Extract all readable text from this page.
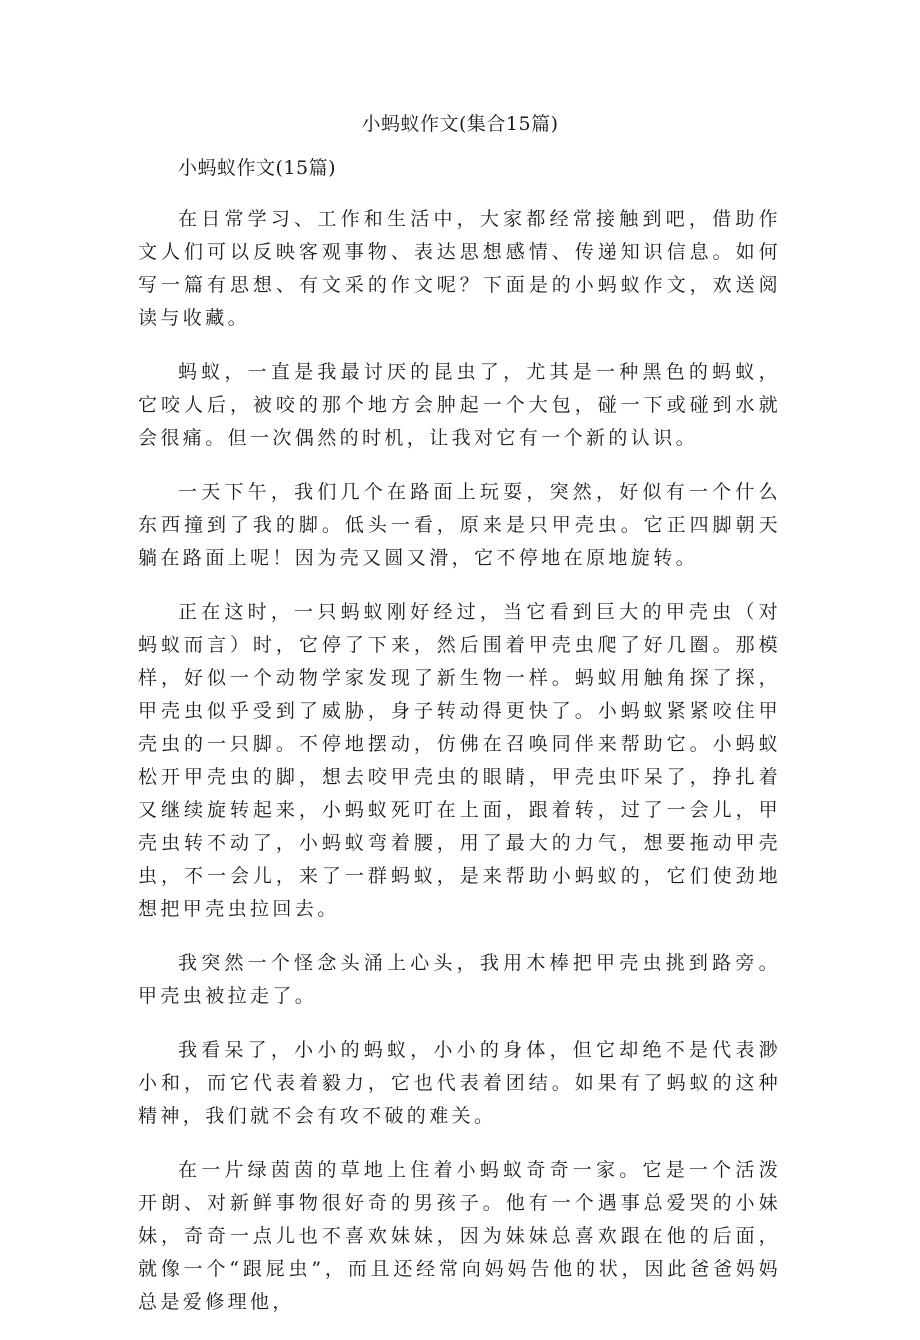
小蚂蚁作文(集合15篇)

小蚂蚁作文(15篇)

在日常学习、工作和生活中，大家都经常接触到吧，借助作文人们可以反映客观事物、表达思想感情、传递知识信息。如何写一篇有思想、有文采的作文呢？下面是的小蚂蚁作文，欢送阅读与收藏。

蚂蚁，一直是我最讨厌的昆虫了，尤其是一种黑色的蚂蚁，它咬人后，被咬的那个地方会肿起一个大包，碰一下或碰到水就会很痛。但一次偶然的时机，让我对它有一个新的认识。

一天下午，我们几个在路面上玩耍，突然，好似有一个什么东西撞到了我的脚。低头一看，原来是只甲壳虫。它正四脚朝天躺在路面上呢！因为壳又圆又滑，它不停地在原地旋转。

正在这时，一只蚂蚁刚好经过，当它看到巨大的甲壳虫（对蚂蚁而言）时，它停了下来，然后围着甲壳虫爬了好几圈。那模样，好似一个动物学家发现了新生物一样。蚂蚁用触角探了探，甲壳虫似乎受到了威胁，身子转动得更快了。小蚂蚁紧紧咬住甲壳虫的一只脚。不停地摆动，仿佛在召唤同伴来帮助它。小蚂蚁松开甲壳虫的脚，想去咬甲壳虫的眼睛，甲壳虫吓呆了，挣扎着又继续旋转起来，小蚂蚁死叮在上面，跟着转，过了一会儿，甲壳虫转不动了，小蚂蚁弯着腰，用了最大的力气，想要拖动甲壳虫，不一会儿，来了一群蚂蚁，是来帮助小蚂蚁的，它们使劲地想把甲壳虫拉回去。

我突然一个怪念头涌上心头，我用木棒把甲壳虫挑到路旁。甲壳虫被拉走了。

我看呆了，小小的蚂蚁，小小的身体，但它却绝不是代表渺小和，而它代表着毅力，它也代表着团结。如果有了蚂蚁的这种精神，我们就不会有攻不破的难关。

在一片绿茵茵的草地上住着小蚂蚁奇奇一家。它是一个活泼开朗、对新鲜事物很好奇的男孩子。他有一个遇事总爱哭的小妹妹，奇奇一点儿也不喜欢妹妹，因为妹妹总喜欢跟在他的后面，就像一个“跟屁虫”，而且还经常向妈妈告他的状，因此爸爸妈妈总是爱修理他，
